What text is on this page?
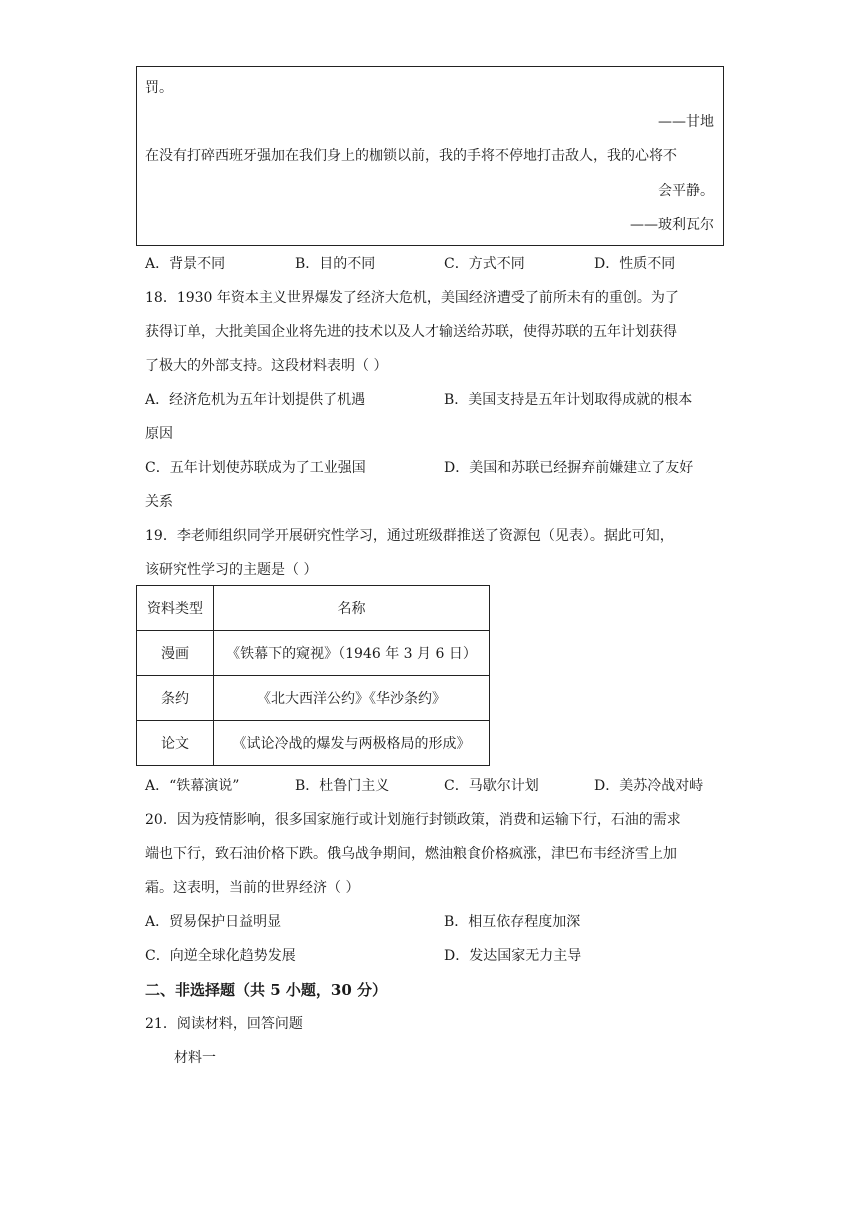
罚。
——甘地
在没有打碎西班牙强加在我们身上的枷锁以前，我的手将不停地打击敌人，我的心将不
会平静。
——玻利瓦尔
A．背景不同	B．目的不同	C．方式不同	D．性质不同
18．1930 年资本主义世界爆发了经济大危机，美国经济遭受了前所未有的重创。为了
获得订单，大批美国企业将先进的技术以及人才输送给苏联，使得苏联的五年计划获得
了极大的外部支持。这段材料表明（ ）
A．经济危机为五年计划提供了机遇	B．美国支持是五年计划取得成就的根本
原因
C．五年计划使苏联成为了工业强国	D．美国和苏联已经摒弃前嫌建立了友好
关系
19．李老师组织同学开展研究性学习，通过班级群推送了资源包（见表）。据此可知，
该研究性学习的主题是（ ）
资料类型	名称
漫画	《铁幕下的窥视》（1946 年 3 月 6 日）
条约	《北大西洋公约》《华沙条约》
论文	《试论冷战的爆发与两极格局的形成》
A．“铁幕演说”	B．杜鲁门主义	C．马歇尔计划	D．美苏冷战对峙
20．因为疫情影响，很多国家施行或计划施行封锁政策，消费和运输下行，石油的需求
端也下行，致石油价格下跌。俄乌战争期间，燃油粮食价格疯涨，津巴布韦经济雪上加
霜。这表明，当前的世界经济（ ）
A．贸易保护日益明显	B．相互依存程度加深
C．向逆全球化趋势发展	D．发达国家无力主导
二、非选择题（共 5 小题，30 分）
21．阅读材料，回答问题
材料一
